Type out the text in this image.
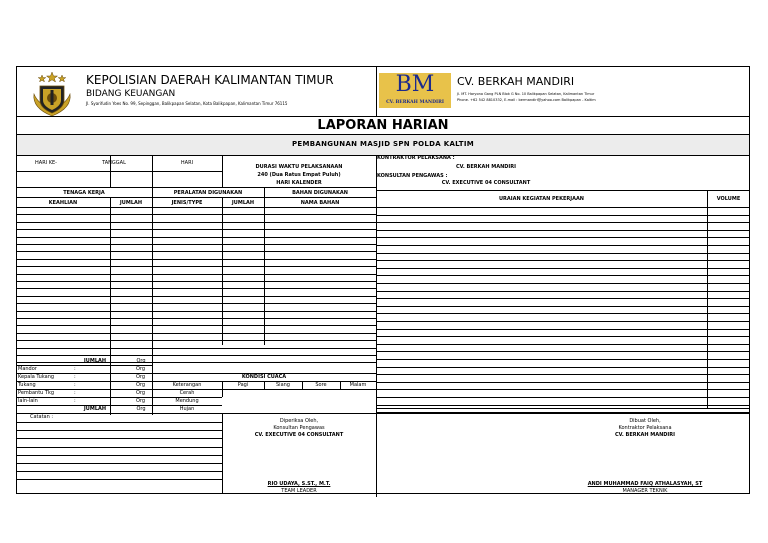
KEPOLISIAN DAERAH KALIMANTAN TIMUR
BIDANG KEUANGAN
Jl. Syarifudin Yoes No. 99, Sepinggan, Balikpapan Selatan, Kota Balikpapan, Kalimantan Timur 76115
BM
CV. BERKAH MANDIRI
CV. BERKAH MANDIRI
Jl. MT. Haryono Gang PLN Blok G No. 10 Balikpapan Selatan, Kalimantan Timur
Phone. +62 542 8810332, E-mail : bermandiri@yahoo.com Balikpapan - Kaltim
LAPORAN HARIAN
PEMBANGUNAN MASJID SPN POLDA KALTIM
HARI KE-	TANGGAL	HARI
DURASI WAKTU PELAKSANAAN
240 (Dua Ratus Empat Puluh)
HARI KALENDER
KONTRAKTOR PELAKSANA :
CV. BERKAH MANDIRI
KONSULTAN PENGAWAS :
CV. EXECUTIVE 04 CONSULTANT
TENAGA KERJA	PERALATAN DIGUNAKAN	BAHAN DIGUNAKAN
KEAHLIAN	JUMLAH	JENIS/TYPE	JUMLAH	NAMA BAHAN
URAIAN KEGIATAN PEKERJAAN	VOLUME
JUMLAH	Org
Mandor	:	Org
Kepala Tukang	:	Org
Tukang	:	Org
Pembantu Tkg	:	Org
lain-lain	:	Org
JUMLAH	Org
KONDISI CUACA
Keterangan	Pagi	Siang	Sore	Malam
Cerah
Mendung
Hujan
Catatan :
Diperiksa Oleh,
Konsultan Pengawas
CV. EXECUTIVE 04 CONSULTANT
RIO UDAYA, S.ST., M.T.
TEAM LEADER
Dibuat Oleh,
Kontraktor Pelaksana
CV. BERKAH MANDIRI
ANDI MUHAMMAD FAIQ ATHALASYAH, ST
MANAGER TEKNIK
